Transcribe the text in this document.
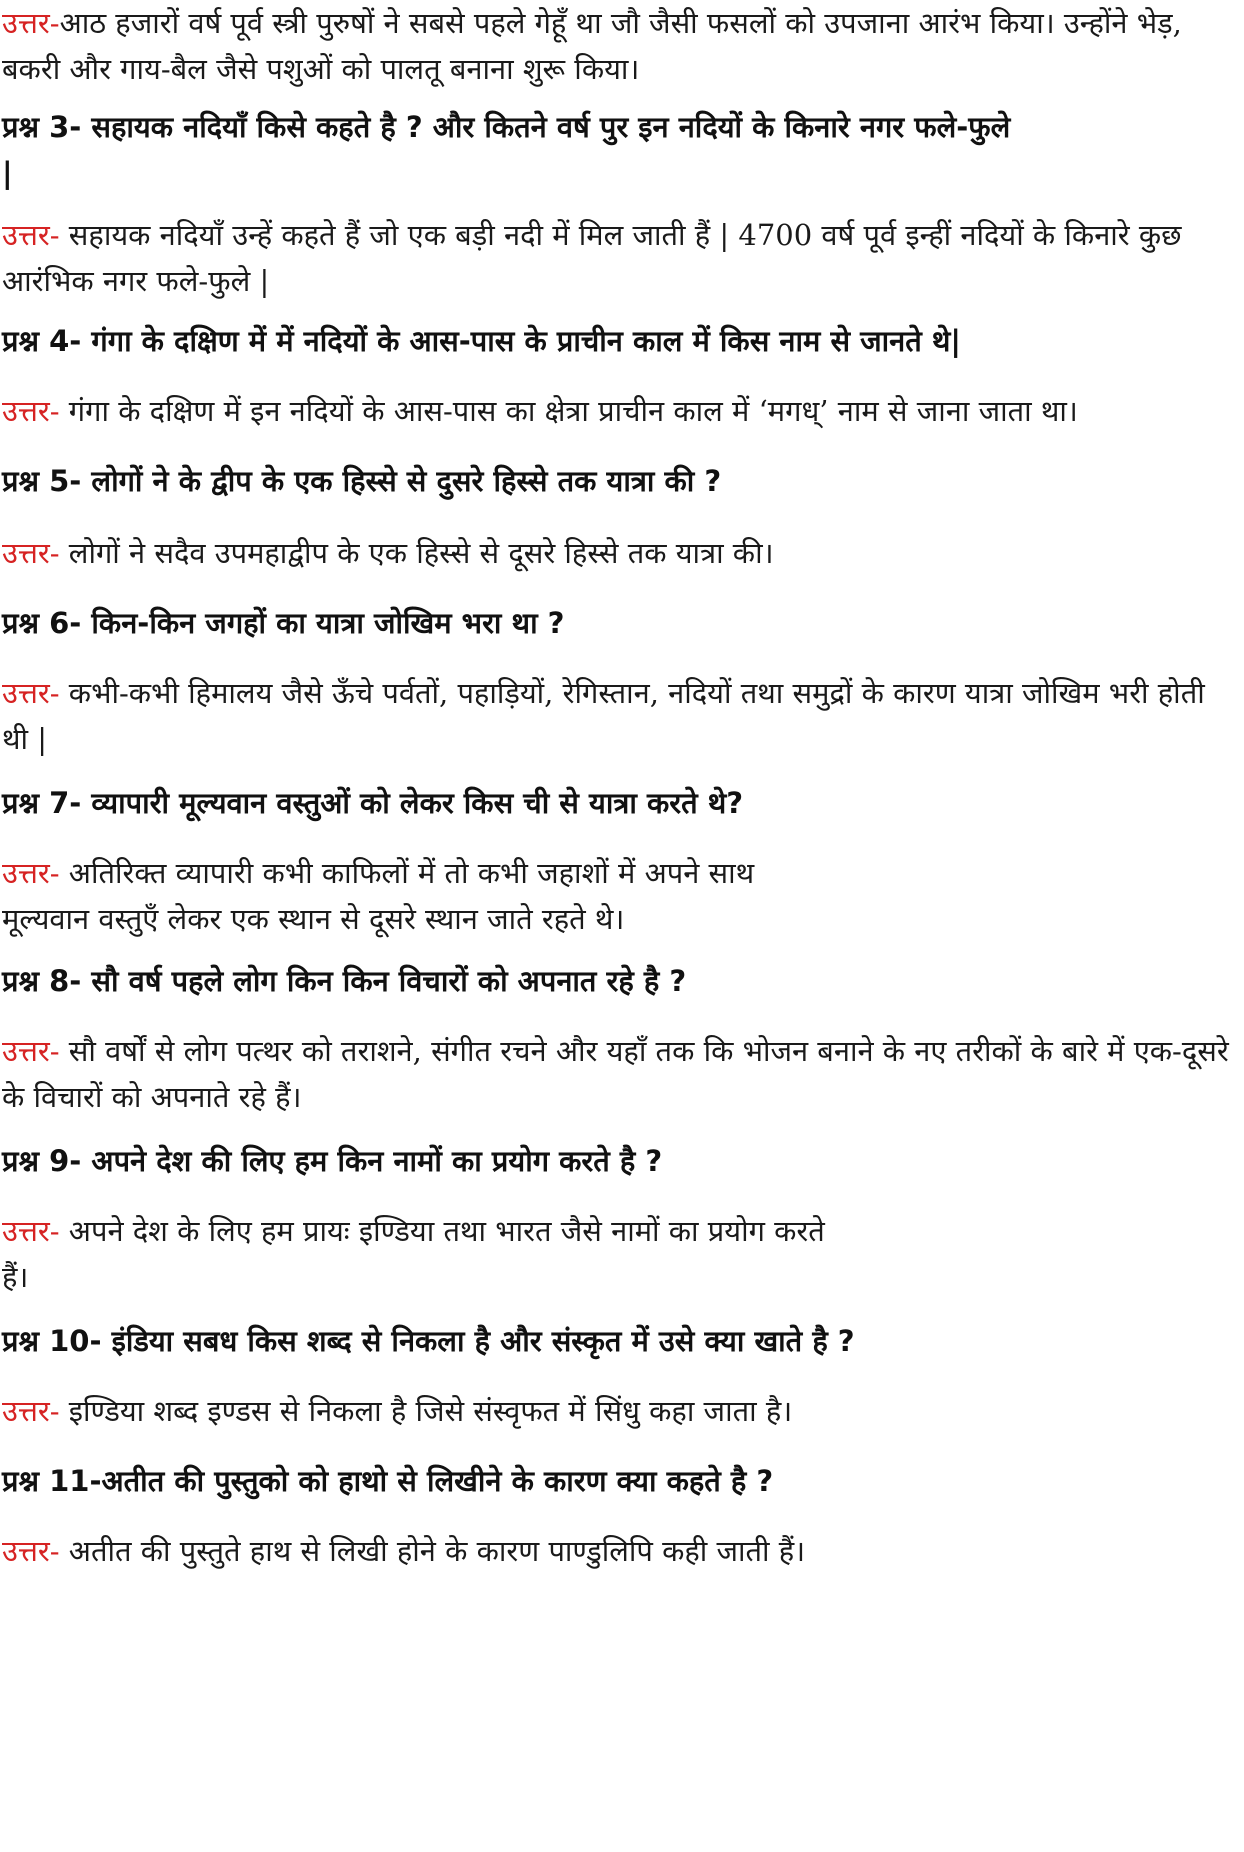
उत्तर-आठ हजारों वर्ष पूर्व स्त्री पुरुषों ने सबसे पहले गेहूँ था जौ जैसी फसलों को उपजाना आरंभ किया। उन्होंने भेड़, बकरी और गाय-बैल जैसे पशुओं को पालतू बनाना शुरू किया।
प्रश्न 3- सहायक नदियाँ किसे कहते है ? और कितने वर्ष पुर इन नदियों के किनारे नगर फले-फुले
|
उत्तर- सहायक नदियाँ उन्हें कहते हैं जो एक बड़ी नदी में मिल जाती हैं | 4700 वर्ष पूर्व इन्हीं नदियों के किनारे कुछ आरंभिक नगर फले-फुले |
प्रश्न 4- गंगा के दक्षिण में में नदियों के आस-पास के प्राचीन काल में किस नाम से जानते थे|
उत्तर- गंगा के दक्षिण में इन नदियों के आस-पास का क्षेत्रा प्राचीन काल में ‘मगध्’ नाम से जाना जाता था।
प्रश्न 5- लोगों ने के द्वीप के एक हिस्से से दुसरे हिस्से तक यात्रा की ?
उत्तर- लोगों ने सदैव उपमहाद्वीप के एक हिस्से से दूसरे हिस्से तक यात्रा की।
प्रश्न 6- किन-किन जगहों का यात्रा जोखिम भरा था ?
उत्तर- कभी-कभी हिमालय जैसे ऊँचे पर्वतों, पहाड़ियों, रेगिस्तान, नदियों तथा समुद्रों के कारण यात्रा जोखिम भरी होती थी |
प्रश्न 7- व्यापारी मूल्यवान वस्तुओं को लेकर किस ची से यात्रा करते थे?
उत्तर- अतिरिक्त व्यापारी कभी काफिलों में तो कभी जहाशों में अपने साथ
मूल्यवान वस्तुएँ लेकर एक स्थान से दूसरे स्थान जाते रहते थे।
प्रश्न 8- सौ वर्ष पहले लोग किन किन विचारों को अपनात रहे है ?
उत्तर- सौ वर्षों से लोग पत्थर को तराशने, संगीत रचने और यहाँ तक कि भोजन बनाने के नए तरीकों के बारे में एक-दूसरे के विचारों को अपनाते रहे हैं।
प्रश्न 9- अपने देश की लिए हम किन नामों का प्रयोग करते है ?
उत्तर- अपने देश के लिए हम प्रायः इण्डिया तथा भारत जैसे नामों का प्रयोग करते
हैं।
प्रश्न 10- इंडिया सबध किस शब्द से निकला है और संस्कृत में उसे क्या खाते है ?
उत्तर- इण्डिया शब्द इण्डस से निकला है जिसे संस्वृफत में सिंधु कहा जाता है।
प्रश्न 11-अतीत की पुस्तुको को हाथो से लिखीने के कारण क्या कहते है ?
उत्तर- अतीत की पुस्तुते हाथ से लिखी होने के कारण पाण्डुलिपि कही जाती हैं।
